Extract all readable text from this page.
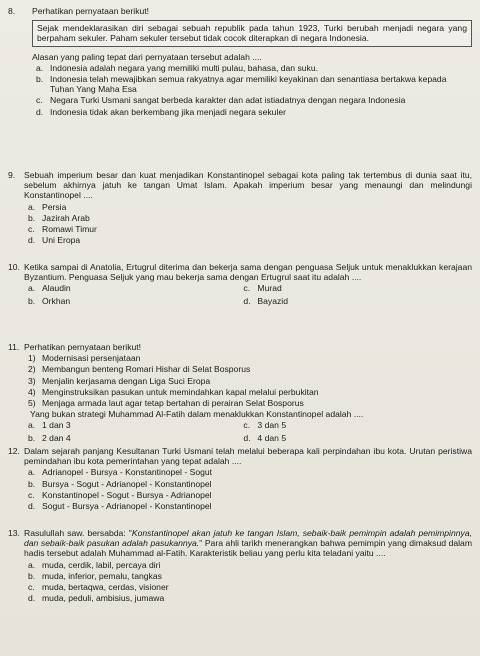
8.	Perhatikan pernyataan berikut!

Sejak mendeklarasikan diri sebagai sebuah republik pada tahun 1923, Turki berubah menjadi negara yang berpaham sekuler. Paham sekuler tersebut tidak cocok diterapkan di negara Indonesia.

Alasan yang paling tepat dari pernyataan tersebut adalah ....

a. Indonesia adalah negara yang memiliki multi pulau, bahasa, dan suku.
b. Indonesia telah mewajibkan semua rakyatnya agar memiliki keyakinan dan senantiasa bertakwa kepada Tuhan Yang Maha Esa
c. Negara Turki Usmani sangat berbeda karakter dan adat istiadatnya dengan negara Indonesia
d. Indonesia tidak akan berkembang jika menjadi negara sekuler
9.	Sebuah imperium besar dan kuat menjadikan Konstantinopel sebagai kota paling tak tertembus di dunia saat itu, sebelum akhirnya jatuh ke tangan Umat Islam. Apakah imperium besar yang menaungi dan melindungi Konstantinopel ....

a. Persia
b. Jazirah Arab
c. Romawi Timur
d. Uni Eropa
10. Ketika sampai di Anatolia, Ertugrul diterima dan bekerja sama dengan penguasa Seljuk untuk menaklukkan kerajaan Byzantium. Penguasa Seljuk yang mau bekerja sama dengan Ertugrul saat itu adalah ....

a. Alaudin	c. Murad
b. Orkhan	d. Bayazid
11. Perhatikan pernyataan berikut!

1) Modernisasi persenjataan
2) Membangun benteng Romari Hishar di Selat Bosporus
3) Menjalin kerjasama dengan Liga Suci Eropa
4) Menginstruksikan pasukan untuk memindahkan kapal melalui perbukitan
5) Menjaga armada laut agar tetap bertahan di perairan Selat Bosporus

Yang bukan strategi Muhammad Al-Fatih dalam menaklukkan Konstantinopel adalah ....

a. 1 dan 3	c. 3 dan 5
b. 2 dan 4	d. 4 dan 5
12. Dalam sejarah panjang Kesultanan Turki Usmani telah melalui beberapa kali perpindahan ibu kota. Urutan peristiwa pemindahan ibu kota pemerintahan yang tepat adalah ....

a. Adrianopel - Bursya - Konstantinopel - Sogut
b. Bursya - Sogut - Adrianopel - Konstantinopel
c. Konstantinopel - Sogut - Bursya - Adrianopel
d. Sogut - Bursya - Adrianopel - Konstantinopel
13. Rasulullah saw. bersabda: "Konstantinopel akan jatuh ke tangan Islam, sebaik-baik pemimpin adalah pemimpinnya, dan sebaik-baik pasukan adalah pasukannya." Para ahli tarikh menerangkan bahwa pemimpin yang dimaksud dalam hadis tersebut adalah Muhammad al-Fatih. Karakteristik beliau yang perlu kita teladani yaitu ....

a. muda, cerdik, labil, percaya diri
b. muda, inferior, pemalu, tangkas
c. muda, bertaqwa, cerdas, visioner
d. muda, peduli, ambisius, jumawa
